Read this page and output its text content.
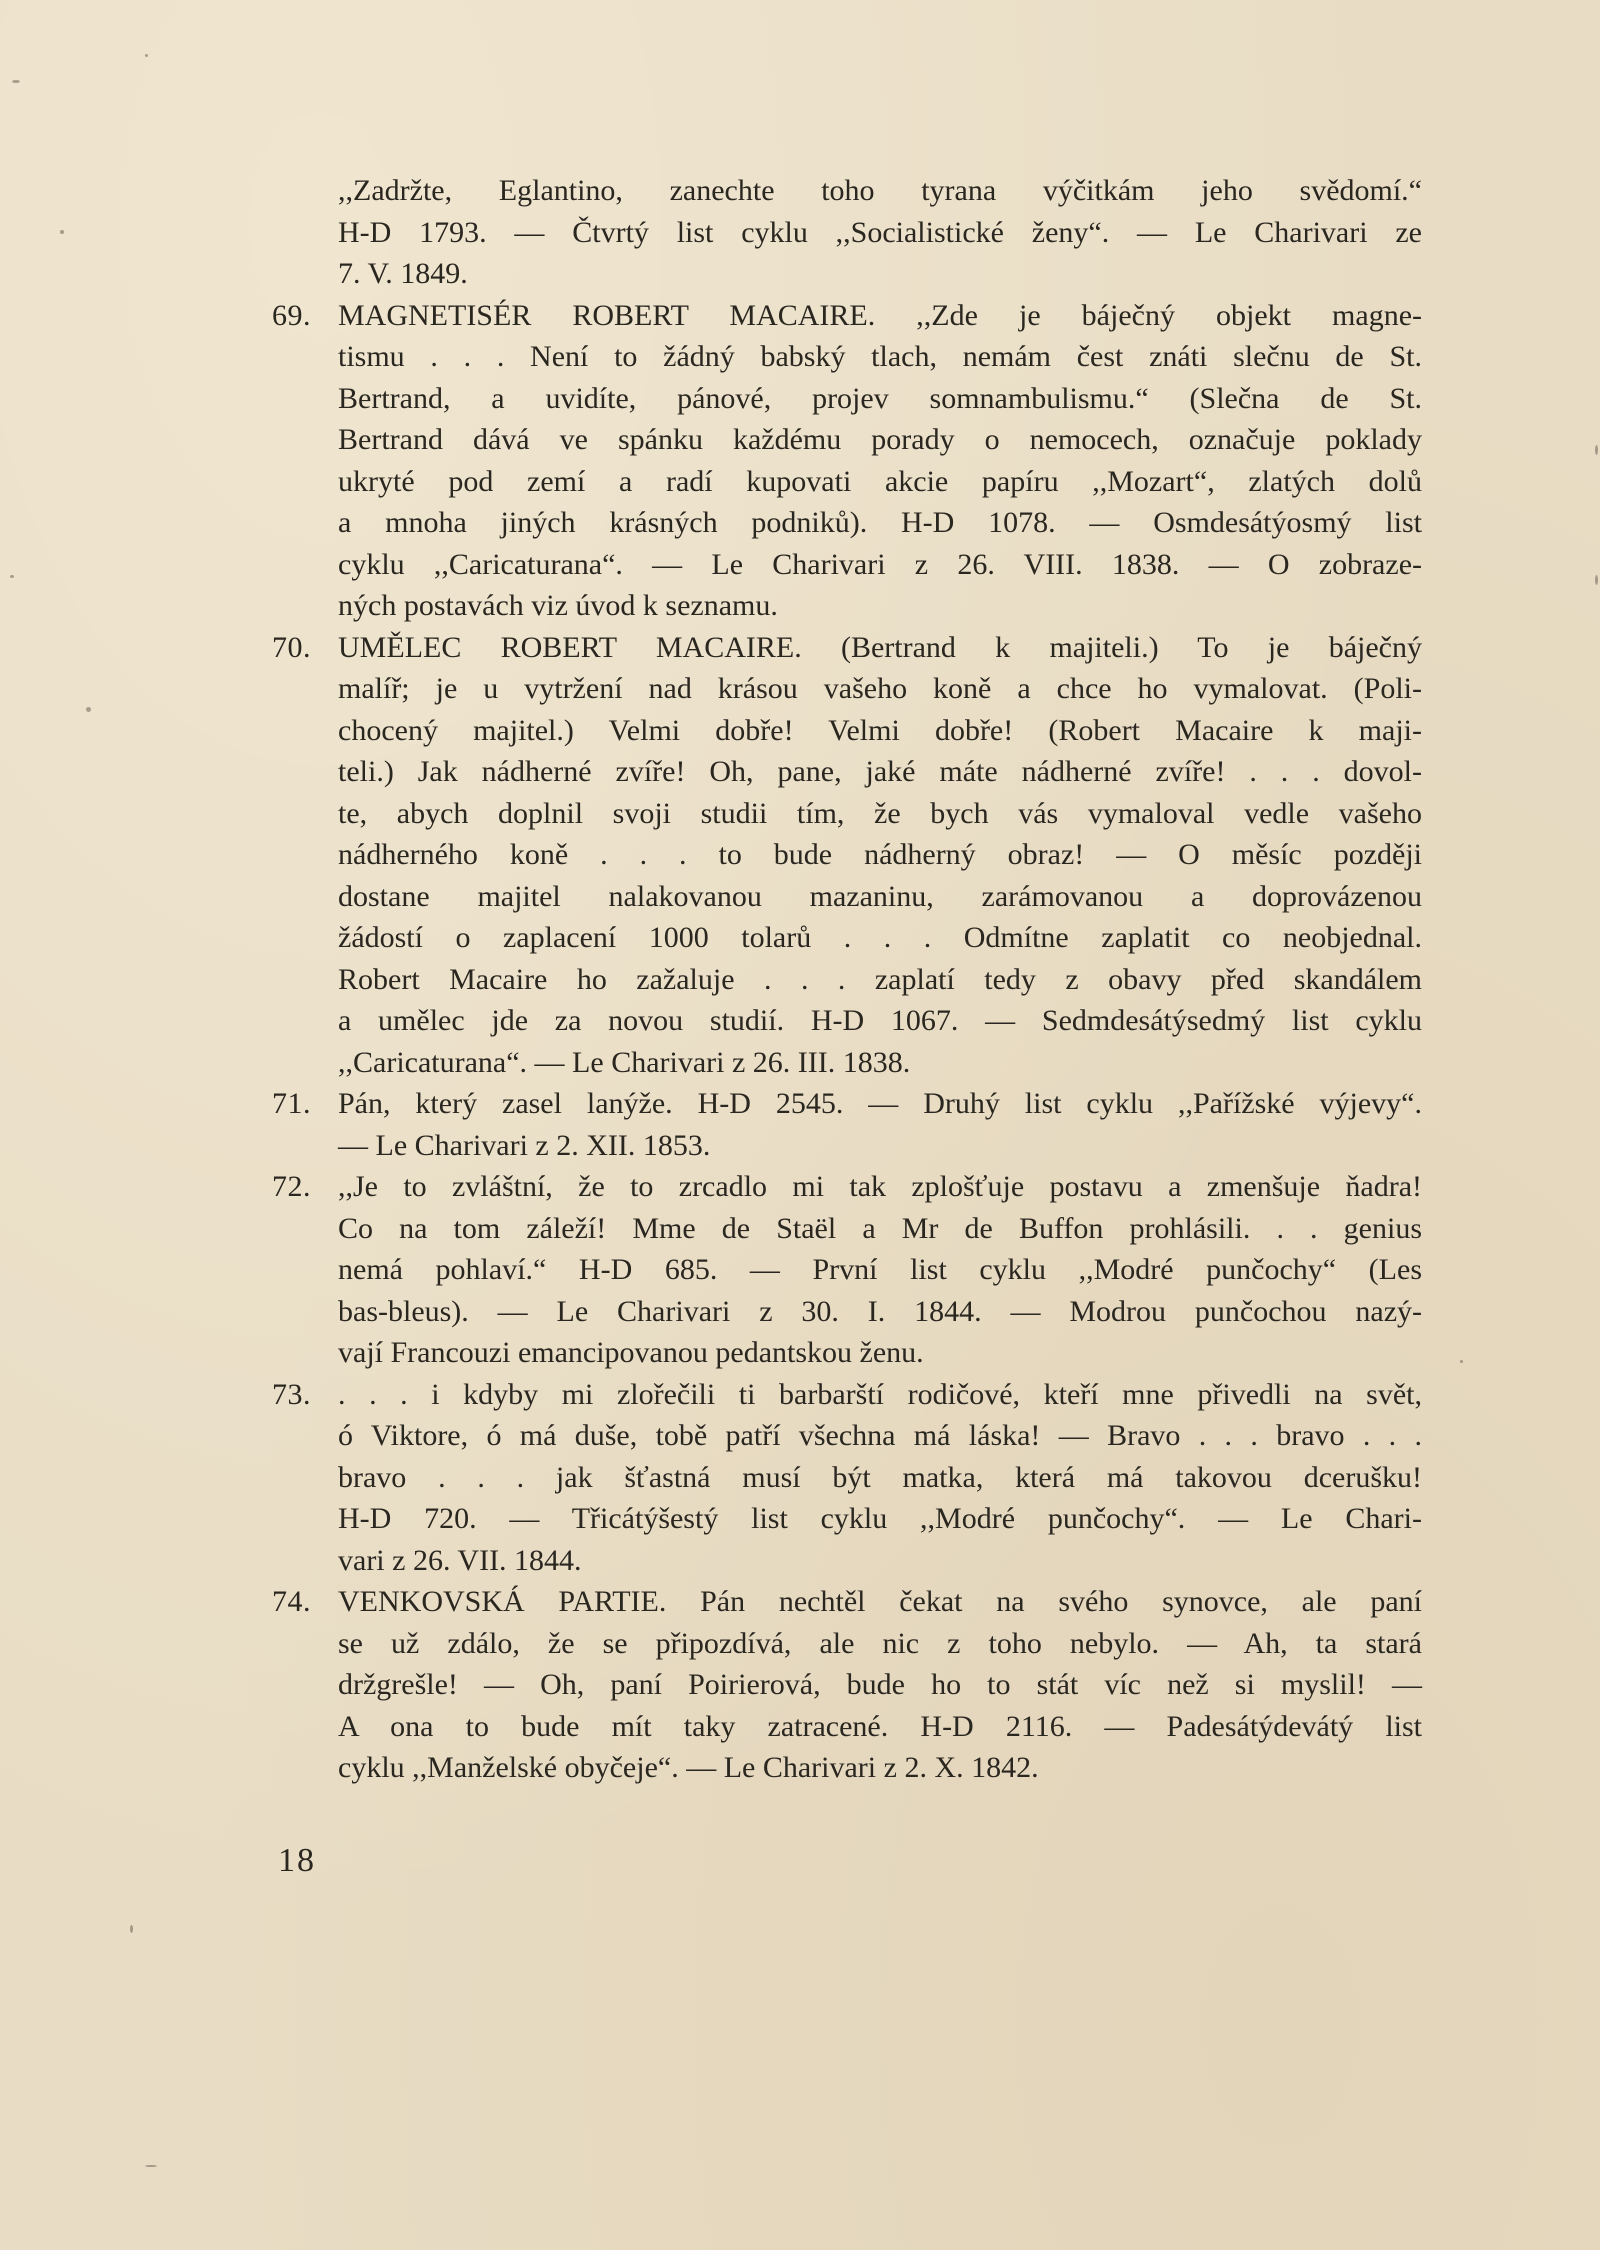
,,Zadržte, Eglantino, zanechte toho tyrana výčitkám jeho svědomí.“
H-D 1793. — Čtvrtý list cyklu ,,Socialistické ženy“. — Le Charivari ze
7. V. 1849.
69. MAGNETISÉR ROBERT MACAIRE. ,,Zde je báječný objekt magne-
tismu . . . Není to žádný babský tlach, nemám čest znáti slečnu de St.
Bertrand, a uvidíte, pánové, projev somnambulismu.“ (Slečna de St.
Bertrand dává ve spánku každému porady o nemocech, označuje poklady
ukryté pod zemí a radí kupovati akcie papíru ,,Mozart“, zlatých dolů
a mnoha jiných krásných podniků). H-D 1078. — Osmdesátýosmý list
cyklu ,,Caricaturana“. — Le Charivari z 26. VIII. 1838. — O zobraze-
ných postavách viz úvod k seznamu.
70. UMĚLEC ROBERT MACAIRE. (Bertrand k majiteli.) To je báječný
malíř; je u vytržení nad krásou vašeho koně a chce ho vymalovat. (Poli-
chocený majitel.) Velmi dobře! Velmi dobře! (Robert Macaire k maji-
teli.) Jak nádherné zvíře! Oh, pane, jaké máte nádherné zvíře! . . . dovol-
te, abych doplnil svoji studii tím, že bych vás vymaloval vedle vašeho
nádherného koně . . . to bude nádherný obraz! — O měsíc později
dostane majitel nalakovanou mazaninu, zarámovanou a doprovázenou
žádostí o zaplacení 1000 tolarů . . . Odmítne zaplatit co neobjednal.
Robert Macaire ho zažaluje . . . zaplatí tedy z obavy před skandálem
a umělec jde za novou studií. H-D 1067. — Sedmdesátýsedmý list cyklu
,,Caricaturana“. — Le Charivari z 26. III. 1838.
71. Pán, který zasel lanýže. H-D 2545. — Druhý list cyklu ,,Pařížské výjevy“.
— Le Charivari z 2. XII. 1853.
72. ,,Je to zvláštní, že to zrcadlo mi tak zplošťuje postavu a zmenšuje ňadra!
Co na tom záleží! Mme de Staël a Mr de Buffon prohlásili. . . genius
nemá pohlaví.“ H-D 685. — První list cyklu ,,Modré punčochy“ (Les
bas-bleus). — Le Charivari z 30. I. 1844. — Modrou punčochou nazý-
vají Francouzi emancipovanou pedantskou ženu.
73. . . . i kdyby mi zlořečili ti barbarští rodičové, kteří mne přivedli na svět,
ó Viktore, ó má duše, tobě patří všechna má láska! — Bravo . . . bravo . . .
bravo . . . jak šťastná musí být matka, která má takovou dcerušku!
H-D 720. — Třicátýšestý list cyklu ,,Modré punčochy“. — Le Chari-
vari z 26. VII. 1844.
74. VENKOVSKÁ PARTIE. Pán nechtěl čekat na svého synovce, ale paní
se už zdálo, že se připozdívá, ale nic z toho nebylo. — Ah, ta stará
držgrešle! — Oh, paní Poirierová, bude ho to stát víc než si myslil! —
A ona to bude mít taky zatracené. H-D 2116. — Padesátýdevátý list
cyklu ,,Manželské obyčeje“. — Le Charivari z 2. X. 1842.
18
